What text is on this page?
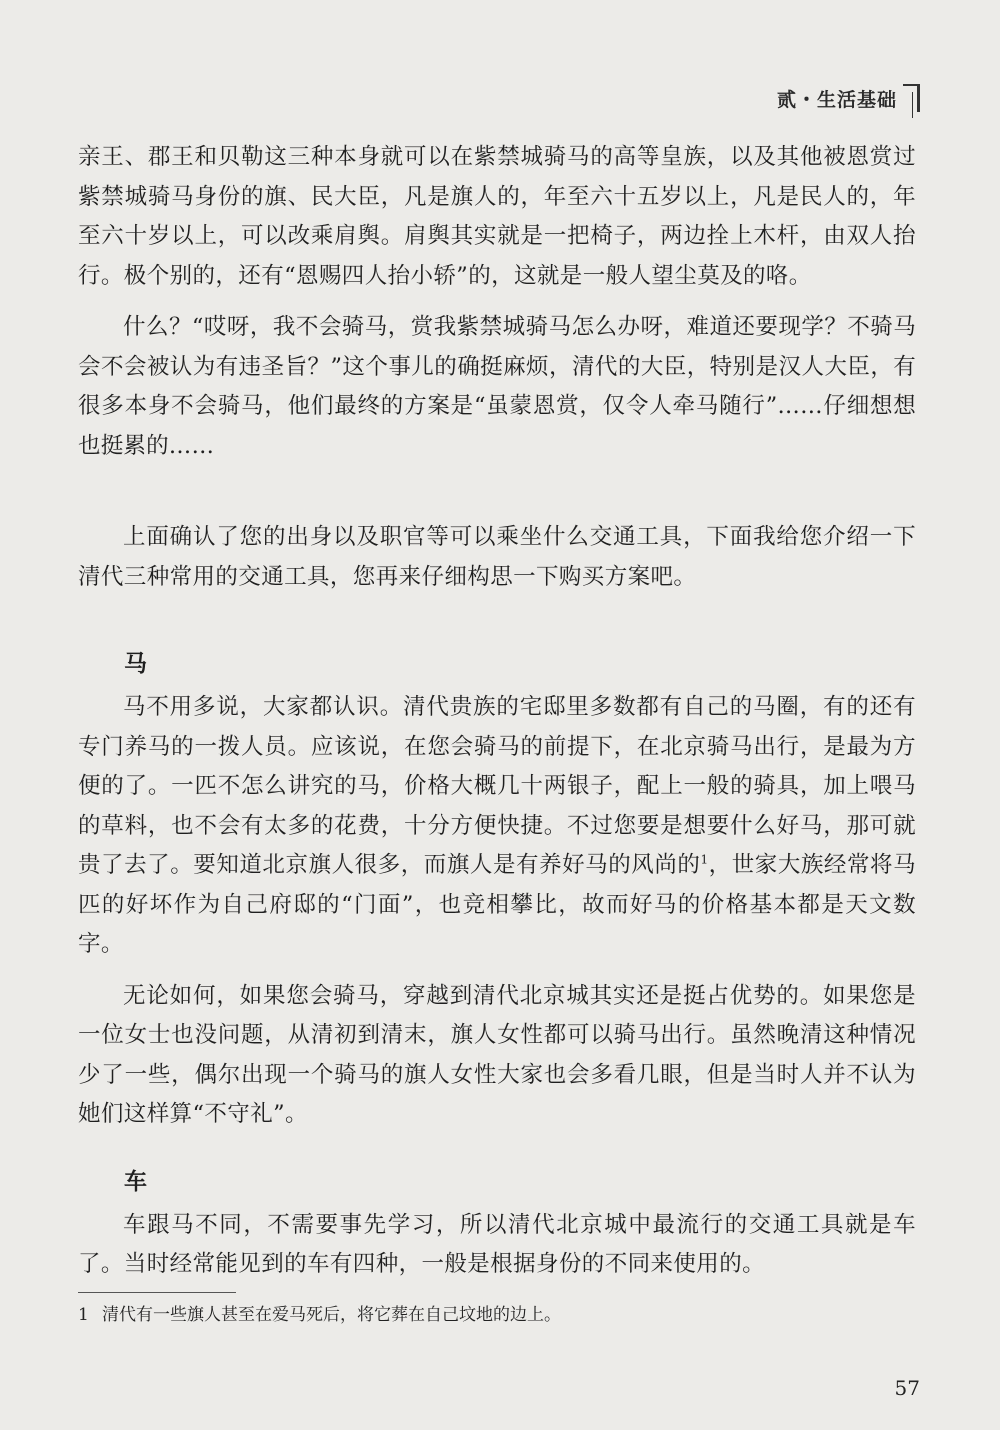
贰・生活基础

亲王、郡王和贝勒这三种本身就可以在紫禁城骑马的高等皇族，以及其他被恩赏过紫禁城骑马身份的旗、民大臣，凡是旗人的，年至六十五岁以上，凡是民人的，年至六十岁以上，可以改乘肩舆。肩舆其实就是一把椅子，两边拴上木杆，由双人抬行。极个别的，还有“恩赐四人抬小轿”的，这就是一般人望尘莫及的咯。

什么？“哎呀，我不会骑马，赏我紫禁城骑马怎么办呀，难道还要现学？不骑马会不会被认为有违圣旨？”这个事儿的确挺麻烦，清代的大臣，特别是汉人大臣，有很多本身不会骑马，他们最终的方案是“虽蒙恩赏，仅令人牵马随行”……仔细想想也挺累的……

上面确认了您的出身以及职官等可以乘坐什么交通工具，下面我给您介绍一下清代三种常用的交通工具，您再来仔细构思一下购买方案吧。

马

马不用多说，大家都认识。清代贵族的宅邸里多数都有自己的马圈，有的还有专门养马的一拨人员。应该说，在您会骑马的前提下，在北京骑马出行，是最为方便的了。一匹不怎么讲究的马，价格大概几十两银子，配上一般的骑具，加上喂马的草料，也不会有太多的花费，十分方便快捷。不过您要是想要什么好马，那可就贵了去了。要知道北京旗人很多，而旗人是有养好马的风尚的$^1$，世家大族经常将马匹的好坏作为自己府邸的“门面”，也竞相攀比，故而好马的价格基本都是天文数字。

无论如何，如果您会骑马，穿越到清代北京城其实还是挺占优势的。如果您是一位女士也没问题，从清初到清末，旗人女性都可以骑马出行。虽然晚清这种情况少了一些，偶尔出现一个骑马的旗人女性大家也会多看几眼，但是当时人并不认为她们这样算“不守礼”。

车

车跟马不同，不需要事先学习，所以清代北京城中最流行的交通工具就是车了。当时经常能见到的车有四种，一般是根据身份的不同来使用的。

1 清代有一些旗人甚至在爱马死后，将它葬在自己坟地的边上。
57
